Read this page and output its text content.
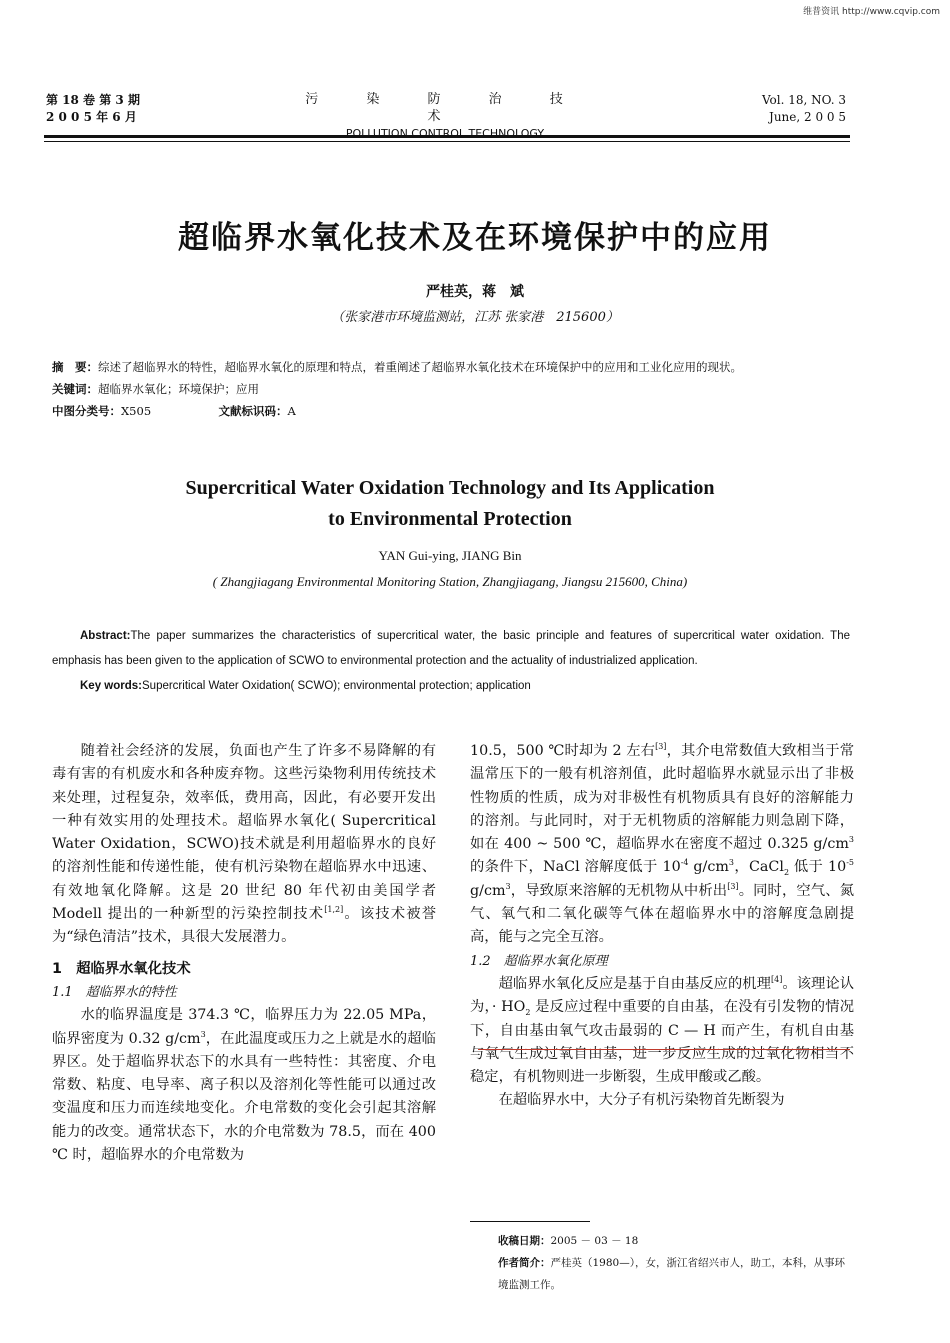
维普资讯 http://www.cqvip.com
第 18 卷 第 3 期
2 0 0 5 年 6 月
污 染 防 治 技 术
POLLUTION CONTROL TECHNOLOGY
Vol. 18, NO. 3
June, 2 0 0 5
超临界水氧化技术及在环境保护中的应用
严桂英，蒋　斌
（张家港市环境监测站，江苏 张家港　215600）
摘　要：综述了超临界水的特性，超临界水氧化的原理和特点，着重阐述了超临界水氧化技术在环境保护中的应用和工业化应用的现状。
关键词：超临界水氧化；环境保护；应用
中图分类号：X505	文献标识码：A
Supercritical Water Oxidation Technology and Its Application
to Environmental Protection
YAN Gui-ying, JIANG Bin
( Zhangjiagang Environmental Monitoring Station, Zhangjiagang, Jiangsu 215600, China)
Abstract:The paper summarizes the characteristics of supercritical water, the basic principle and features of supercritical water oxidation. The emphasis has been given to the application of SCWO to environmental protection and the actuality of industrialized application.
Key words:Supercritical Water Oxidation( SCWO); environmental protection; application

随着社会经济的发展，负面也产生了许多不易降解的有毒有害的有机废水和各种废弃物。这些污染物利用传统技术来处理，过程复杂，效率低，费用高，因此，有必要开发出一种有效实用的处理技术。超临界水氧化( Supercritical Water Oxidation，SCWO)技术就是利用超临界水的良好的溶剂性能和传递性能，使有机污染物在超临界水中迅速、有效地氧化降解。这是 20 世纪 80 年代初由美国学者 Modell 提出的一种新型的污染控制技术[1,2]。该技术被誉为“绿色清洁”技术，具很大发展潜力。

1　超临界水氧化技术

1.1　超临界水的特性

水的临界温度是 374.3 ℃，临界压力为 22.05 MPa，临界密度为 0.32 $g/cm^3$，在此温度或压力之上就是水的超临界区。处于超临界状态下的水具有一些特性：其密度、介电常数、粘度、电导率、离子积以及溶剂化等性能可以通过改变温度和压力而连续地变化。介电常数的变化会引起其溶解能力的改变。通常状态下，水的介电常数为 78.5，而在 400 ℃ 时，超临界水的介电常数为

10.5，500 ℃时却为 2 左右[3]，其介电常数值大致相当于常温常压下的一般有机溶剂值，此时超临界水就显示出了非极性物质的性质，成为对非极性有机物质具有良好的溶解能力的溶剂。与此同时，对于无机物质的溶解能力则急剧下降，如在 400 ~ 500 ℃，超临界水在密度不超过 0.325 $g/cm^3$ 的条件下，NaCl 溶解度低于 $10^{-4}$ $g/cm^3$，CaCl$_2$ 低于 $10^{-5}$ $g/cm^3$，导致原来溶解的无机物从中析出[3]。同时，空气、氮气、氧气和二氧化碳等气体在超临界水中的溶解度急剧提高，能与之完全互溶。

1.2　超临界水氧化原理

超临界水氧化反应是基于自由基反应的机理[4]。该理论认为，· $HO_2$ 是反应过程中重要的自由基，在没有引发物的情况下，自由基由氧气攻击最弱的 C — H 而产生，有机自由基与氧气生成过氧自由基，进一步反应生成的过氧化物相当不稳定，有机物则进一步断裂，生成甲酸或乙酸。

在超临界水中，大分子有机污染物首先断裂为

收稿日期：2005 － 03 － 18
作者简介：严桂英（1980—），女，浙江省绍兴市人，助工，本科，从事环境监测工作。
